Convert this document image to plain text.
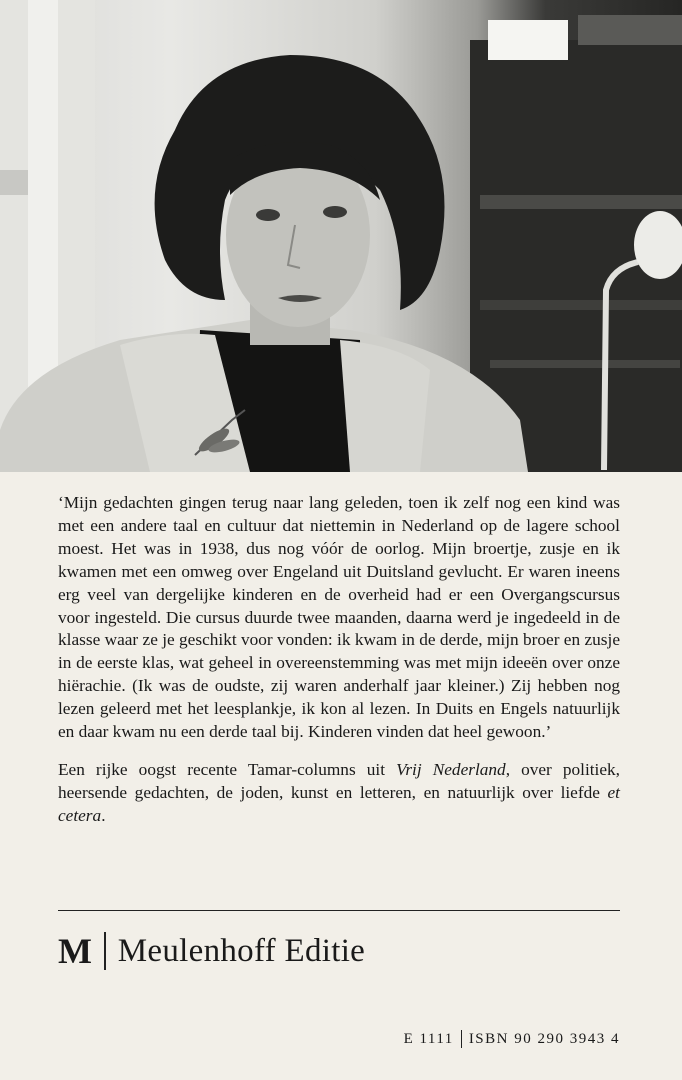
‘Mijn gedachten gingen terug naar lang geleden, toen ik zelf nog een kind was met een andere taal en cultuur dat niettemin in Nederland op de lagere school moest. Het was in 1938, dus nog vóór de oorlog. Mijn broertje, zusje en ik kwamen met een omweg over Engeland uit Duitsland gevlucht. Er waren ineens erg veel van dergelijke kinderen en de overheid had er een Overgangscursus voor ingesteld. Die cursus duurde twee maanden, daarna werd je ingedeeld in de klasse waar ze je geschikt voor vonden: ik kwam in de derde, mijn broer en zusje in de eerste klas, wat geheel in overeenstemming was met mijn ideeën over onze hiërachie. (Ik was de oudste, zij waren anderhalf jaar kleiner.) Zij hebben nog lezen geleerd met het leesplankje, ik kon al lezen. In Duits en Engels natuurlijk en daar kwam nu een derde taal bij. Kinderen vinden dat heel gewoon.’

Een rijke oogst recente Tamar-columns uit Vrij Nederland, over politiek, heersende gedachten, de joden, kunst en letteren, en natuurlijk over liefde et cetera.

M Meulenhoff Editie
E 1111 ISBN 90 290 3943 4
